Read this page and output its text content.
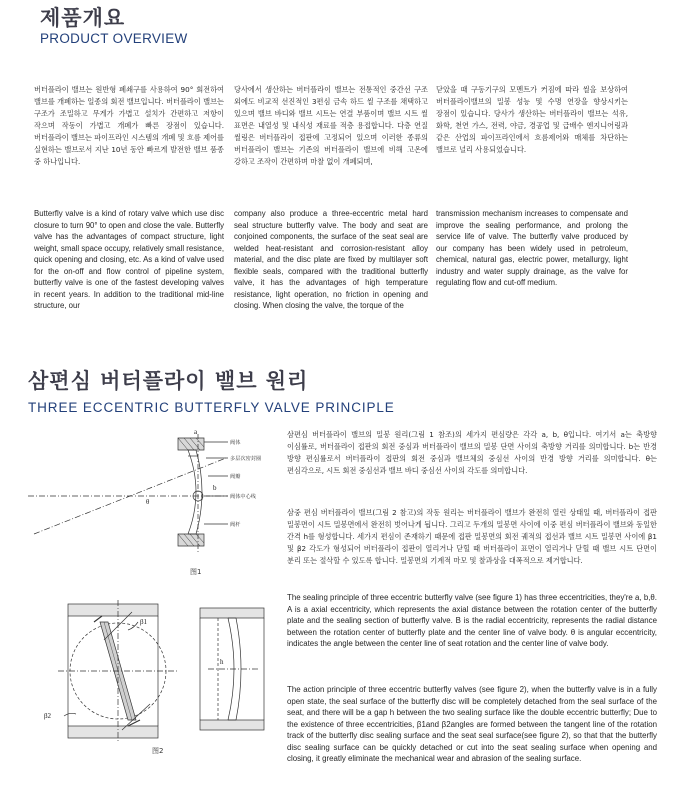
제품개요
PRODUCT OVERVIEW

버터플라이 밸브는 원반형 폐쇄구를 사용하여 90° 회전하여 밸브를 개폐하는 일종의 회전 밸브입니다. 버터플라이 밸브는 구조가 조밀하고 무게가 가볍고 설치가 간편하고 저항이 작으며 작동이 가볍고 개폐가 빠른 장점이 있습니다. 버터플라이 밸브는 파이프라인 시스템의 개폐 및 흐름 제어를 실현하는 밸브로서 지난 10년 동안 빠르게 발전한 밸브 품종 중 하나입니다.

당사에서 생산하는 버터플라이 밸브는 전통적인 중간선 구조 외에도 비교적 선진적인 3편심 금속 하드 씰 구조를 채택하고 있으며 밸브 바디와 밸브 시트는 연결 부품이며 밸브 시트 씰 표면은 내열성 및 내식성 재료를 적층 용접합니다. 다층 연질 씰링은 버터플라이 접판에 고정되어 있으며 이러한 종류의 버터플라이 밸브는 기존의 버터플라이 밸브에 비해 고온에 강하고 조작이 간편하며 마찰 없이 개폐되며,

닫았을 때 구동기구의 모멘트가 커짐에 따라 씰을 보상하여 버터플라이밸브의 밀봉 성능 및 수명 연장을 향상시키는 장점이 있습니다. 당사가 생산하는 버터플라이 밸브는 석유, 화학, 천연 가스, 전력, 야금, 경공업 및 급배수 엔지니어링과 같은 산업의 파이프라인에서 흐름제어와 매체를 차단하는 밸브로 널리 사용되었습니다.

Butterfly valve is a kind of rotary valve which use disc closure to turn 90° to open and close the vale. Butterfly valve has the advantages of compact structure, light weight, small space occupy, relatively small resistance, quick opening and closing, etc. As a kind of valve used for the on-off and flow control of pipeline system, butterfly valve is one of the fastest developing valves in recent years. In addition to the traditional mid-line structure, our

company also produce a three-eccentric metal hard seal structure butterfly valve. The body and seat are conjoined components, the surface of the seat seal are welded heat-resistant and corrosion-resistant alloy material, and the disc plate are fixed by multilayer soft flexible seals, compared with the traditional butterfly valve, it has the advantages of high temperature resistance, light operation, no friction in opening and closing. When closing the valve, the torque of the

transmission mechanism increases to compensate and improve the sealing performance, and prolong the service life of valve. The butterfly valve produced by our company has been widely used in petroleum, chemical, natural gas, electric power, metallurgy, light industry and water supply drainage, as the valve for regulating flow and cut-off medium.

삼편심 버터플라이 밸브 원리
THREE ECCENTRIC BUTTERFLY VALVE PRINCIPLE

삼편심 버터플라이 밸브의 밀봉 원리(그림 1 참조)의 세가지 편심량은 각각 a, b, θ입니다. 여기서 a는 축방향 이심률로, 버터플라이 접판의 회전 중심과 버터플라이 밸브의 밀봉 단면 사이의 축방향 거리를 의미합니다. b는 반경 방향 편심률로서 버터플라이 접판의 회전 중심과 밸브체의 중심선 사이의 반경 방향 거리를 의미합니다. θ는 편심각으로, 시트 회전 중심선과 밸브 바디 중심선 사이의 각도를 의미합니다.

삼중 편심 버터플라이 밸브(그림 2 참고)의 작동 원리는 버터플라이 밸브가 완전히 열린 상태일 때, 버터플라이 접판 밀봉면이 시트 밀봉면에서 완전히 벗어나게 됩니다. 그리고 두개의 밀봉면 사이에 이중 편심 버터플라이 밸브와 동일한 간격 h를 형성합니다. 세가지 편심이 존재하기 때문에 접판 밀봉면의 회전 궤적의 접선과 밸브 시트 밀봉면 사이에 β1 및 β2 각도가 형성되어 버터플라이 접판이 열리거나 닫힐 때 버터플라이 표면이 열리거나 닫힐 때 밸브 시트 단면이 분리 또는 절삭할 수 있도록 합니다. 밀봉면의 기계적 마모 및 찰과상을 대폭적으로 제거합니다.

The sealing principle of three eccentric butterfly valve (see figure 1) has three eccentricities, they're a, b,θ. A is a axial eccentricity, which represents the axial distance between the rotation center of the butterfly plate and the sealing section of butterfly valve. B is the radial eccentricity, represents the radial distance between the rotation center of butterfly plate and the center line of valve body. θ is angular eccentricity, indicates the angle between the center line of seat rotation and the center line of valve body.

The action principle of three eccentric butterfly valves (see figure 2), when the butterfly valve is in a fully open state, the seal surface of the butterfly disc will be completely detached from the seal surface of the seat, and there will be a gap h between the two sealing surface like the double eccentric butterfly; Due to the existence of three eccentricities, β1and β2angles are formed between the tangent line of the rotation track of the butterfly disc sealing surface and the seat seal surface(see figure 2), so that that the butterfly disc sealing surface can be quickly detached or cut into the seat sealing surface when opening and closing, it greatly eliminate the mechanical wear and abrasion of the sealing surface.

a
b
θ
阀体
多层次密封圈
阀瓣
阀体中心线
阀杆
图1
β1
β2
h
图2
